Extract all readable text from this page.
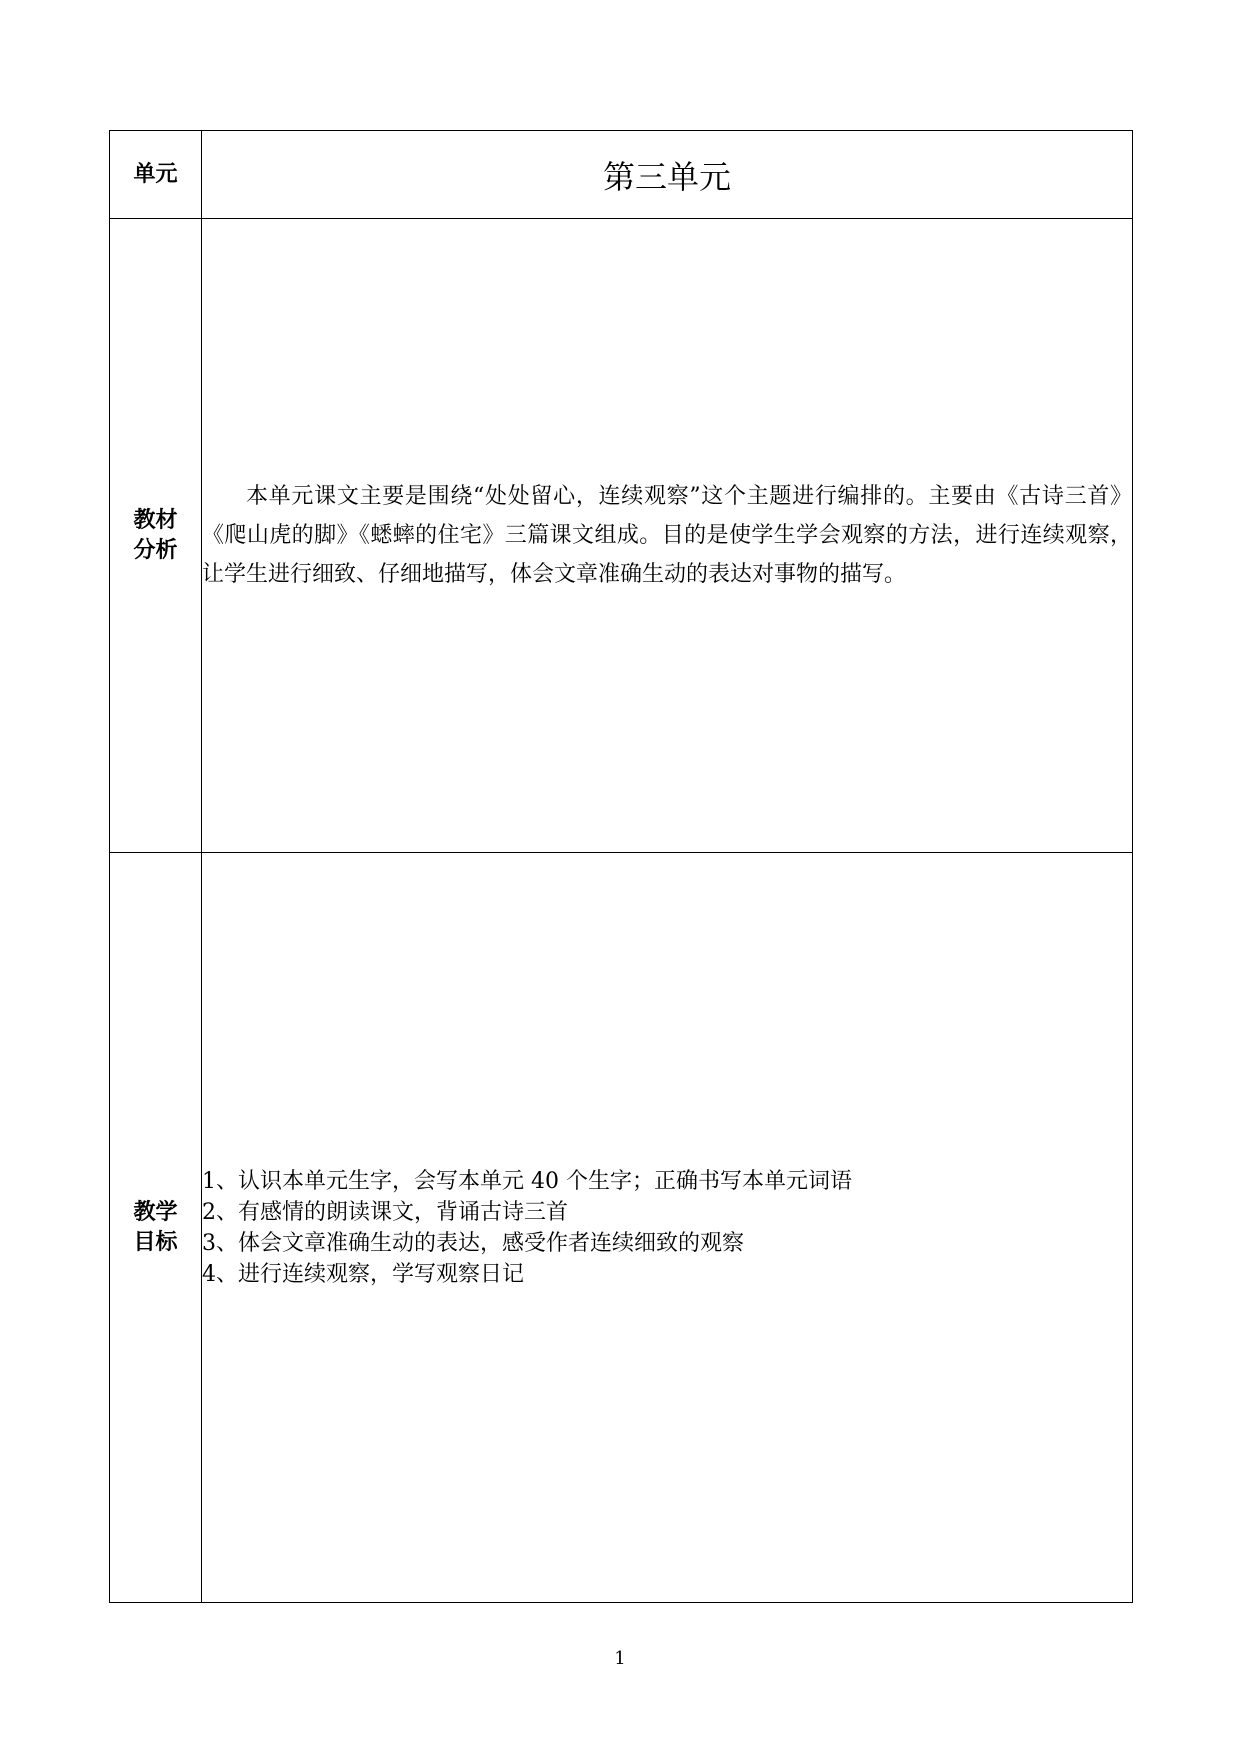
单元	第三单元

教材
分析	本单元课文主要是围绕“处处留心，连续观察”这个主题进行编排的。主要由《古诗三首》《爬山虎的脚》《蟋蟀的住宅》三篇课文组成。目的是使学生学会观察的方法，进行连续观察，让学生进行细致、仔细地描写，体会文章准确生动的表达对事物的描写。

教学
目标	1、认识本单元生字，会写本单元 40 个生字；正确书写本单元词语
2、有感情的朗读课文，背诵古诗三首
3、体会文章准确生动的表达，感受作者连续细致的观察
4、进行连续观察，学写观察日记
1
